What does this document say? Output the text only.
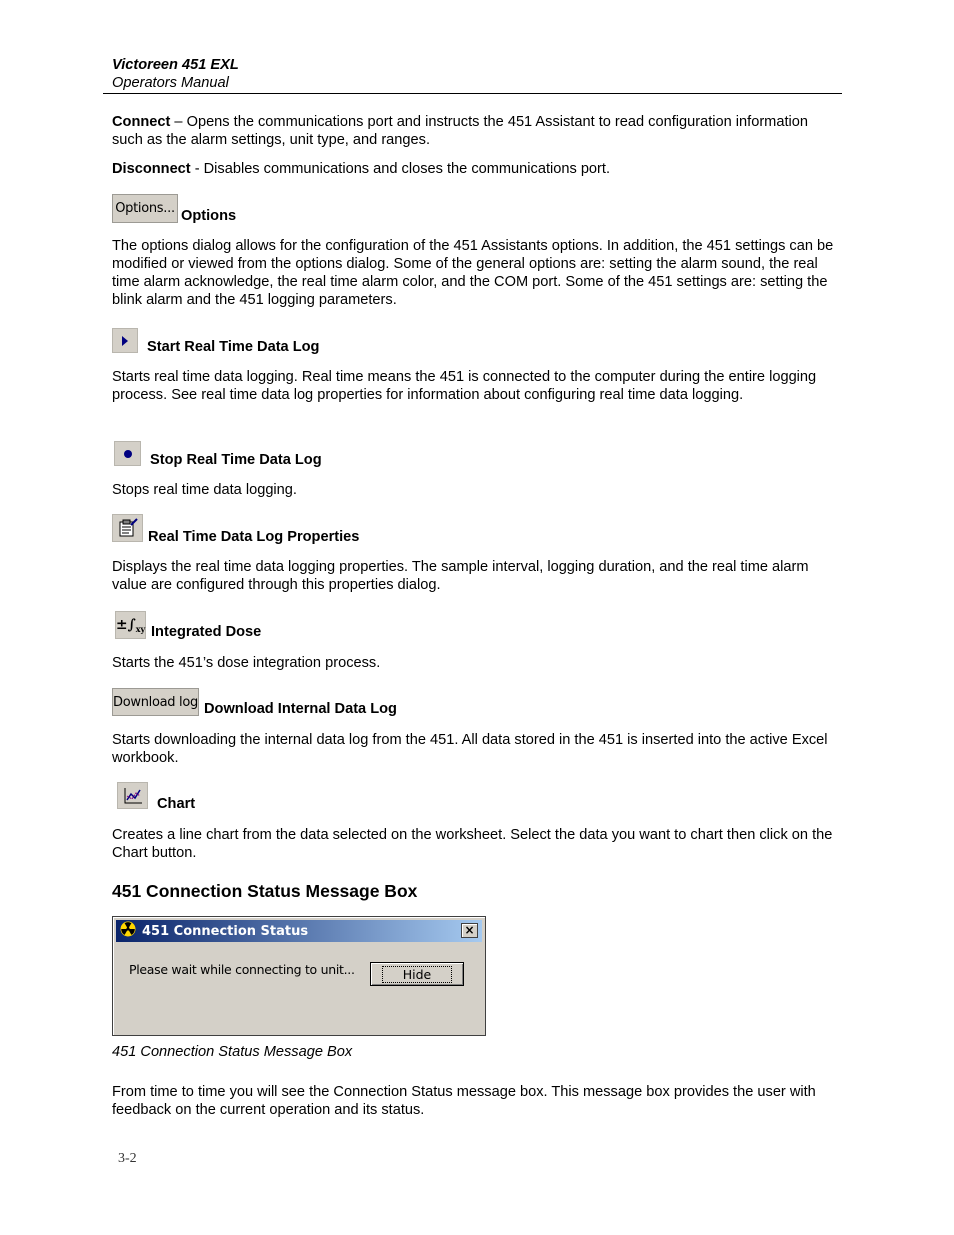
Victoreen 451 EXL
Operators Manual

Connect – Opens the communications port and instructs the 451 Assistant to read configuration information such as the alarm settings, unit type, and ranges.

Disconnect - Disables communications and closes the communications port.

Options... Options

The options dialog allows for the configuration of the 451 Assistants options. In addition, the 451 settings can be modified or viewed from the options dialog. Some of the general options are: setting the alarm sound, the real time alarm acknowledge, the real time alarm color, and the COM port. Some of the 451 settings are: setting the blink alarm and the 451 logging parameters.

Start Real Time Data Log

Starts real time data logging. Real time means the 451 is connected to the computer during the entire logging process. See real time data log properties for information about configuring real time data logging.

Stop Real Time Data Log

Stops real time data logging.

Real Time Data Log Properties

Displays the real time data logging properties. The sample interval, logging duration, and the real time alarm value are configured through this properties dialog.

±∫ xy Integrated Dose

Starts the 451’s dose integration process.

Download log Download Internal Data Log

Starts downloading the internal data log from the 451. All data stored in the 451 is inserted into the active Excel workbook.

Chart

Creates a line chart from the data selected on the worksheet. Select the data you want to chart then click on the Chart button.

451 Connection Status Message Box
451 Connection Status	×
Please wait while connecting to unit...	Hide
451 Connection Status Message Box

From time to time you will see the Connection Status message box. This message box provides the user with feedback on the current operation and its status.

3-2
